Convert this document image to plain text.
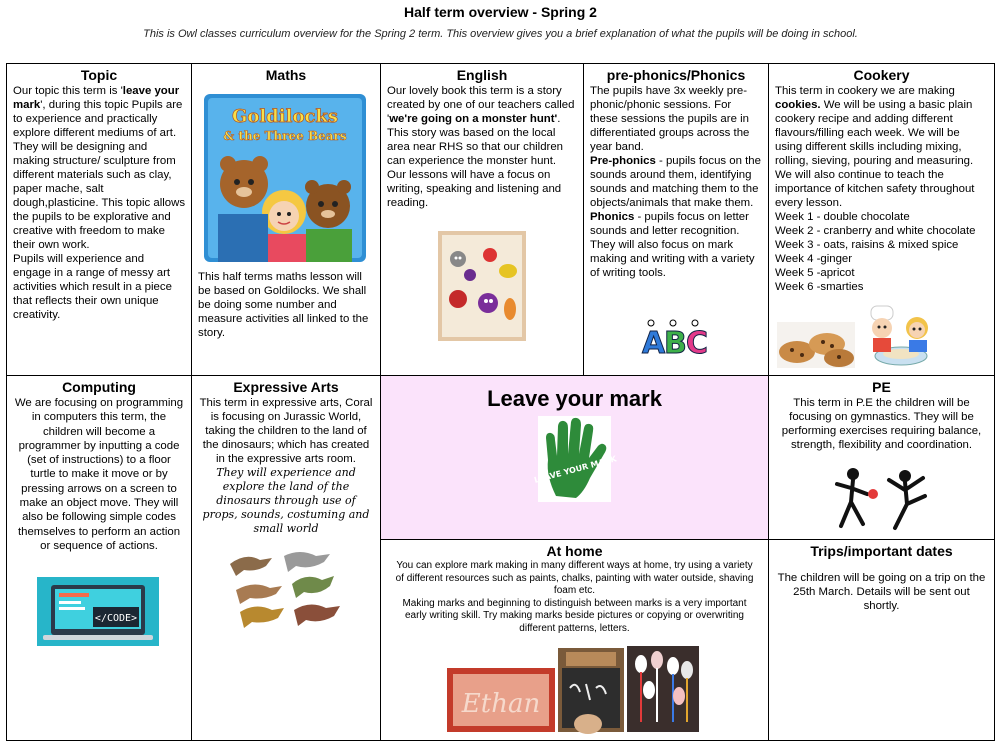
Half term overview - Spring 2
This is Owl classes curriculum overview for the Spring 2 term. This overview gives you a brief explanation of what the pupils will be doing in school.
Topic

Our topic this term is 'leave your mark', during this topic Pupils are to experience and practically explore different mediums of art. They will be designing and making structure/ sculpture from different materials such as clay, paper mache, salt dough,plasticine. This topic allows the pupils to be explorative and creative with freedom to make their own work.

Pupils will experience and engage in a range of messy art activities which result in a piece that reflects their own unique creativity.

Maths
Goldilocks
& the Three Bears

This half terms maths lesson will be based on Goldilocks. We shall be doing some number and measure activities all linked to the story.

English

Our lovely book this term is a story created by one of our teachers called 'we're going on a monster hunt'. This story was based on the local area near RHS so that our children can experience the monster hunt. Our lessons will have a focus on writing, speaking and listening and reading.

pre-phonics/Phonics

The pupils have 3x weekly pre-phonic/phonic sessions. For these sessions the pupils are in differentiated groups across the year band.

Pre-phonics - pupils focus on the sounds around them, identifying sounds and matching them to the objects/animals that make them.

Phonics - pupils focus on letter sounds and letter recognition. They will also focus on mark making and writing with a variety of writing tools.

A
B C
Cookery

This term in cookery we are making cookies. We will be using a basic plain cookery recipe and adding different flavours/filling each week. We will be using different skills including mixing, rolling, sieving, pouring and measuring. We will also continue to teach the importance of kitchen safety throughout every lesson.

Week 1 - double chocolate

Week 2 - cranberry and white chocolate

Week 3 - oats, raisins & mixed spice

Week 4 -ginger

Week 5 -apricot

Week 6 -smarties

Computing

We are focusing on programming in computers this term, the children will become a programmer by inputting a code (set of instructions) to a floor turtle to make it move or by pressing arrows on a screen to make an object move. They will also be following simple codes themselves to perform an action or sequence of actions.

</CODE>
Expressive Arts

This term in expressive arts, Coral is focusing on Jurassic World, taking the children to the land of the dinosaurs; which has created in the expressive arts room.

They will experience and explore the land of the dinosaurs through use of props, sounds, costuming and small world

Leave your mark
LEAVE YOUR MARK
PE

This term in P.E the children will be focusing on gymnastics. They will be performing exercises requiring balance, strength, flexibility and coordination.

At home

You can explore mark making in many different ways at home, try using a variety of different resources such as paints, chalks, painting with water outside, shaving foam etc.

Making marks and beginning to distinguish between marks is a very important early writing skill. Try making marks beside pictures or copying or overwriting different patterns, letters.

Ethan
Trips/important dates

The children will be going on a trip on the 25th March. Details will be sent out shortly.
